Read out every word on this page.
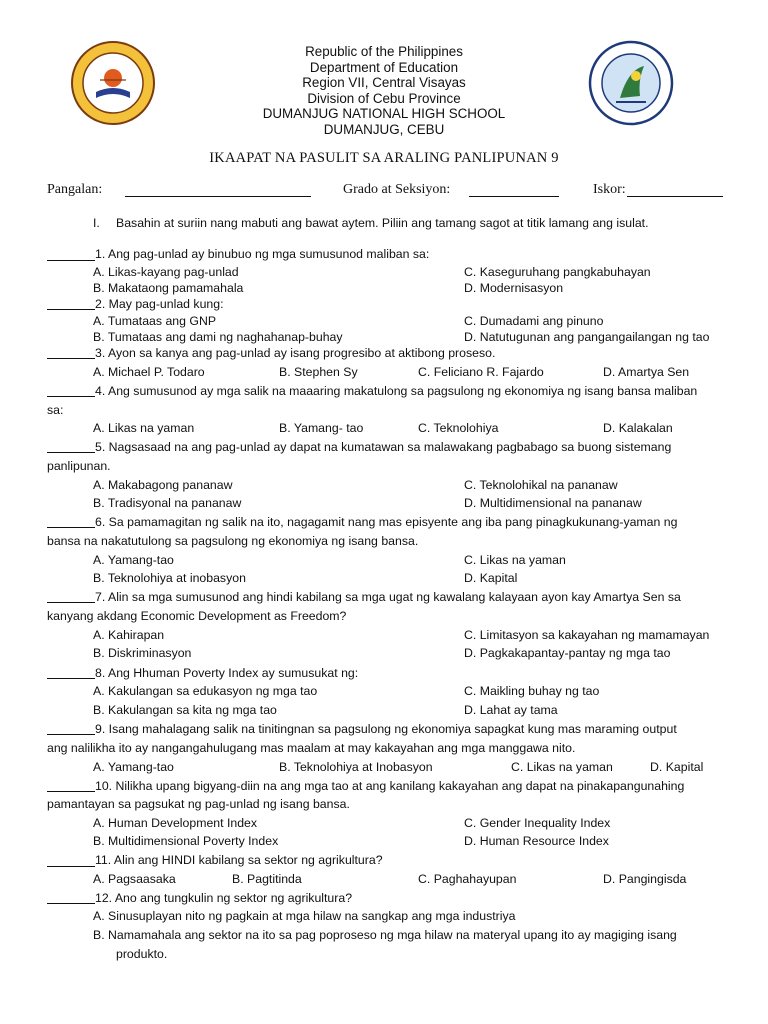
Republic of the Philippines
Department of Education
Region VII, Central Visayas
Division of Cebu Province
DUMANJUG NATIONAL HIGH SCHOOL
DUMANJUG, CEBU
IKAAPAT NA PASULIT SA ARALING PANLIPUNAN 9
Pangalan:	Grado at Seksiyon:	Iskor:
I. Basahin at suriin nang mabuti ang bawat aytem. Piliin ang tamang sagot at titik lamang ang isulat.
1. Ang pag-unlad ay binubuo ng mga sumusunod maliban sa:
A. Likas-kayang pag-unlad	C. Kaseguruhang pangkabuhayan
B. Makataong pamamahala	D. Modernisasyon
2. May pag-unlad kung:
A. Tumataas ang GNP	C. Dumadami ang pinuno
B. Tumataas ang dami ng naghahanap-buhay	D. Natutugunan ang pangangailangan ng tao
3. Ayon sa kanya ang pag-unlad ay isang progresibo at aktibong proseso.
A. Michael P. Todaro	B. Stephen Sy	C. Feliciano R. Fajardo	D. Amartya Sen
4. Ang sumusunod ay mga salik na maaaring makatulong sa pagsulong ng ekonomiya ng isang bansa maliban
sa:
A. Likas na yaman	B. Yamang- tao	C. Teknolohiya	D. Kalakalan
5. Nagsasaad na ang pag-unlad ay dapat na kumatawan sa malawakang pagbabago sa buong sistemang
panlipunan.
A. Makabagong pananaw	C. Teknolohikal na pananaw
B. Tradisyonal na pananaw	D. Multidimensional na pananaw
6. Sa pamamagitan ng salik na ito, nagagamit nang mas episyente ang iba pang pinagkukunang-yaman ng
bansa na nakatutulong sa pagsulong ng ekonomiya ng isang bansa.
A. Yamang-tao	C. Likas na yaman
B. Teknolohiya at inobasyon	D. Kapital
7. Alin sa mga sumusunod ang hindi kabilang sa mga ugat ng kawalang kalayaan ayon kay Amartya Sen sa
kanyang akdang Economic Development as Freedom?
A. Kahirapan	C. Limitasyon sa kakayahan ng mamamayan
B. Diskriminasyon	D. Pagkakapantay-pantay ng mga tao
8. Ang Hhuman Poverty Index ay sumusukat ng:
A. Kakulangan sa edukasyon ng mga tao	C. Maikling buhay ng tao
B. Kakulangan sa kita ng mga tao	D. Lahat ay tama
9. Isang mahalagang salik na tinitingnan sa pagsulong ng ekonomiya sapagkat kung mas maraming output
ang nalilikha ito ay nangangahulugang mas maalam at may kakayahan ang mga manggawa nito.
A. Yamang-tao	B. Teknolohiya at Inobasyon	C. Likas na yaman	D. Kapital
10. Nilikha upang bigyang-diin na ang mga tao at ang kanilang kakayahan ang dapat na pinakapangunahing
pamantayan sa pagsukat ng pag-unlad ng isang bansa.
A. Human Development Index	C. Gender Inequality Index
B. Multidimensional Poverty Index	D. Human Resource Index
11. Alin ang HINDI kabilang sa sektor ng agrikultura?
A. Pagsaasaka	B. Pagtitinda	C. Paghahayupan	D. Pangingisda
12. Ano ang tungkulin ng sektor ng agrikultura?
A. Sinusuplayan nito ng pagkain at mga hilaw na sangkap ang mga industriya
B. Namamahala ang sektor na ito sa pag poproseso ng mga hilaw na materyal upang ito ay magiging isang
produkto.
